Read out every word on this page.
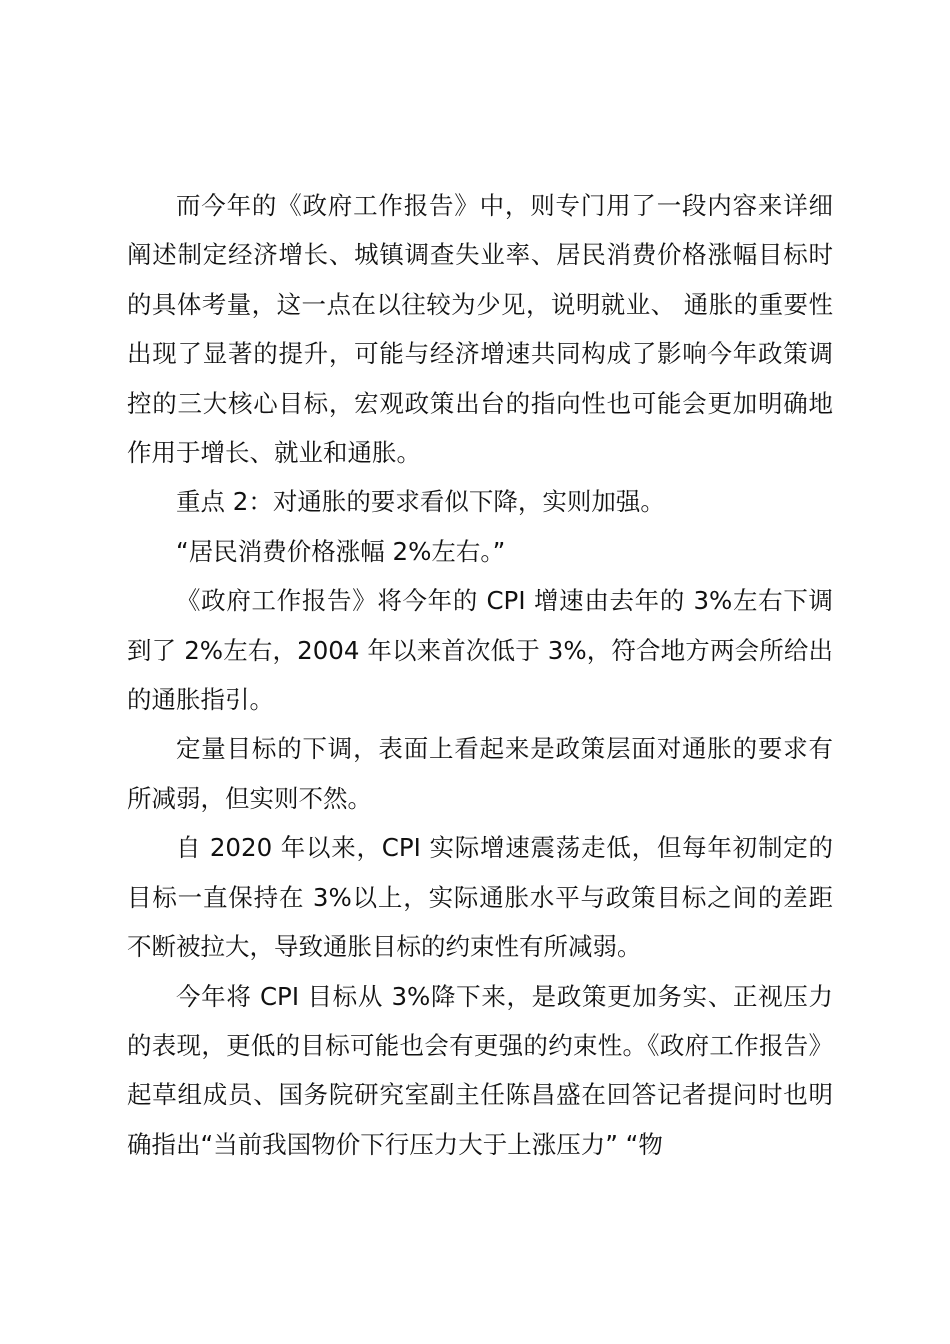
而今年的《政府工作报告》中，则专门用了一段内容来详细阐述制定经济增长、城镇调查失业率、居民消费价格涨幅目标时的具体考量，这一点在以往较为少见，说明就业、 通胀的重要性出现了显著的提升，可能与经济增速共同构成了影响今年政策调控的三大核心目标，宏观政策出台的指向性也可能会更加明确地作用于增长、就业和通胀。

重点 2：对通胀的要求看似下降，实则加强。

“居民消费价格涨幅 2%左右。”

《政府工作报告》将今年的 CPI 增速由去年的 3%左右下调到了 2%左右，2004 年以来首次低于 3%，符合地方两会所给出的通胀指引。

定量目标的下调，表面上看起来是政策层面对通胀的要求有所减弱，但实则不然。

自 2020 年以来，CPI 实际增速震荡走低，但每年初制定的目标一直保持在 3%以上，实际通胀水平与政策目标之间的差距不断被拉大，导致通胀目标的约束性有所减弱。

今年将 CPI 目标从 3%降下来，是政策更加务实、正视压力的表现，更低的目标可能也会有更强的约束性。《政府工作报告》起草组成员、国务院研究室副主任陈昌盛在回答记者提问时也明确指出“当前我国物价下行压力大于上涨压力” “物
